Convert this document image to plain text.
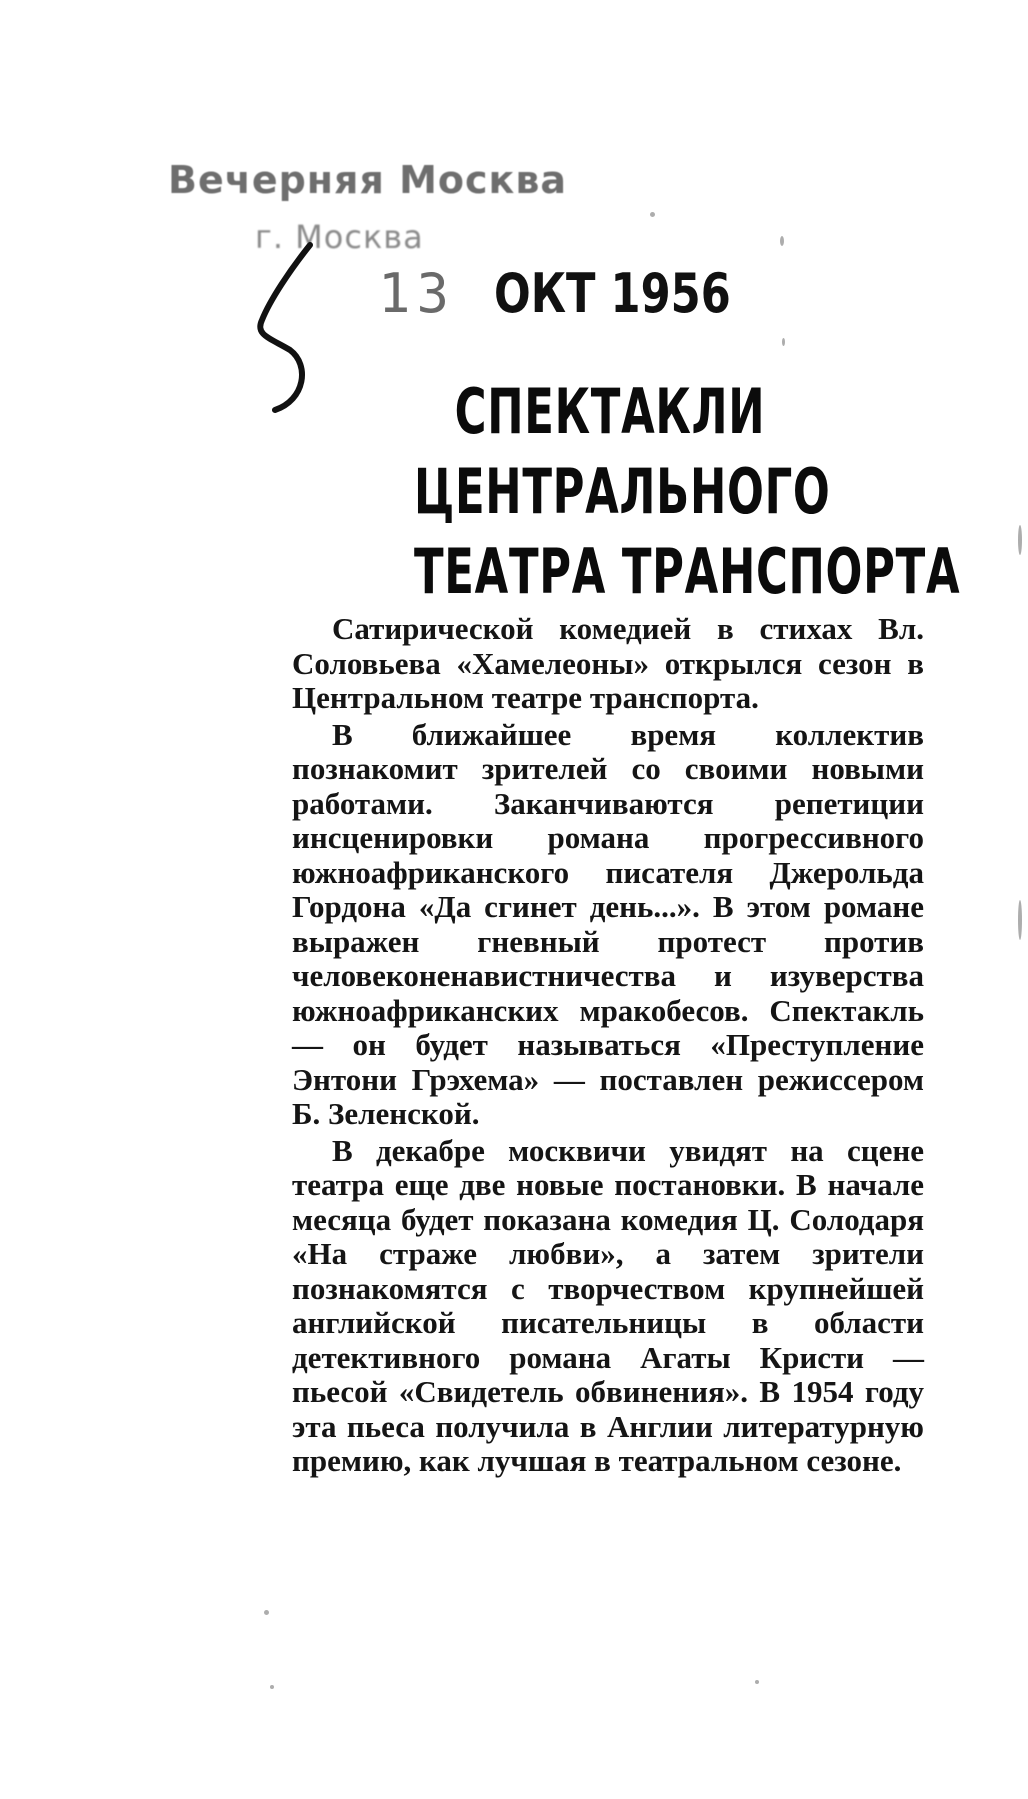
Вечерняя Москва
г. Москва
13 ОКТ 1956
СПЕКТАКЛИ
ЦЕНТРАЛЬНОГО
ТЕАТРА ТРАНСПОРТА

Сатирической комедией в стихах Вл. Соловьева «Хамелеоны» открылся сезон в Центральном театре транспорта.

В ближайшее время коллектив познакомит зрителей со своими новыми работами. Заканчиваются репетиции инсценировки романа прогрессивного южноафриканского писателя Джерольда Гордона «Да сгинет день...». В этом романе выражен гневный протест против человеконенавистничества и изуверства южноафриканских мракобесов. Спектакль — он будет называться «Преступление Энтони Грэхема» — поставлен режиссером Б. Зеленской.

В декабре москвичи увидят на сцене театра еще две новые постановки. В начале месяца будет показана комедия Ц. Солодаря «На страже любви», а затем зрители познакомятся с творчеством крупнейшей английской писательницы в области детективного романа Агаты Кристи — пьесой «Свидетель обвинения». В 1954 году эта пьеса получила в Англии литературную премию, как лучшая в театральном сезоне.
